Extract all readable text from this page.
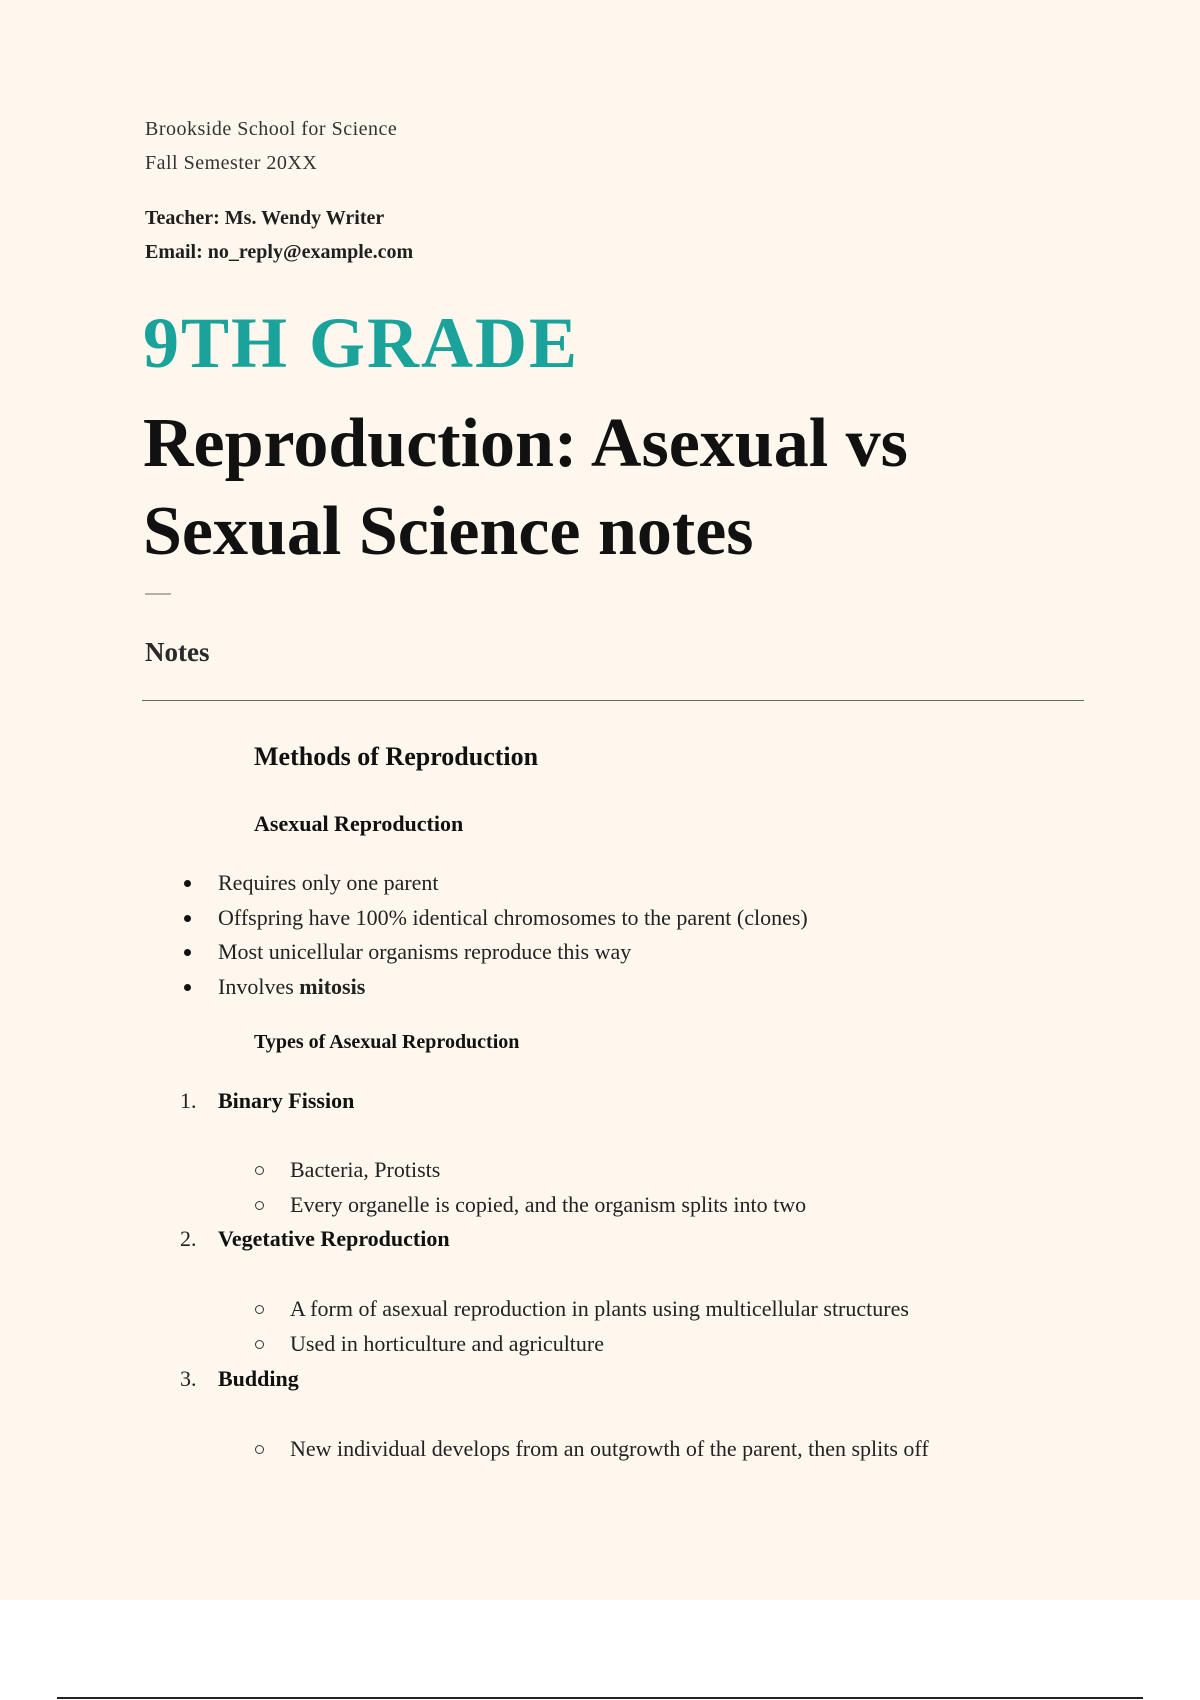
Brookside School for Science
Fall Semester 20XX
Teacher: Ms. Wendy Writer
Email: no_reply@example.com
9TH GRADE
Reproduction: Asexual vs
Sexual Science notes
Notes
Methods of Reproduction
Asexual Reproduction
Requires only one parent
Offspring have 100% identical chromosomes to the parent (clones)
Most unicellular organisms reproduce this way
Involves mitosis
Types of Asexual Reproduction
1. Binary Fission
Bacteria, Protists
Every organelle is copied, and the organism splits into two
2. Vegetative Reproduction
A form of asexual reproduction in plants using multicellular structures
Used in horticulture and agriculture
3. Budding
New individual develops from an outgrowth of the parent, then splits off
